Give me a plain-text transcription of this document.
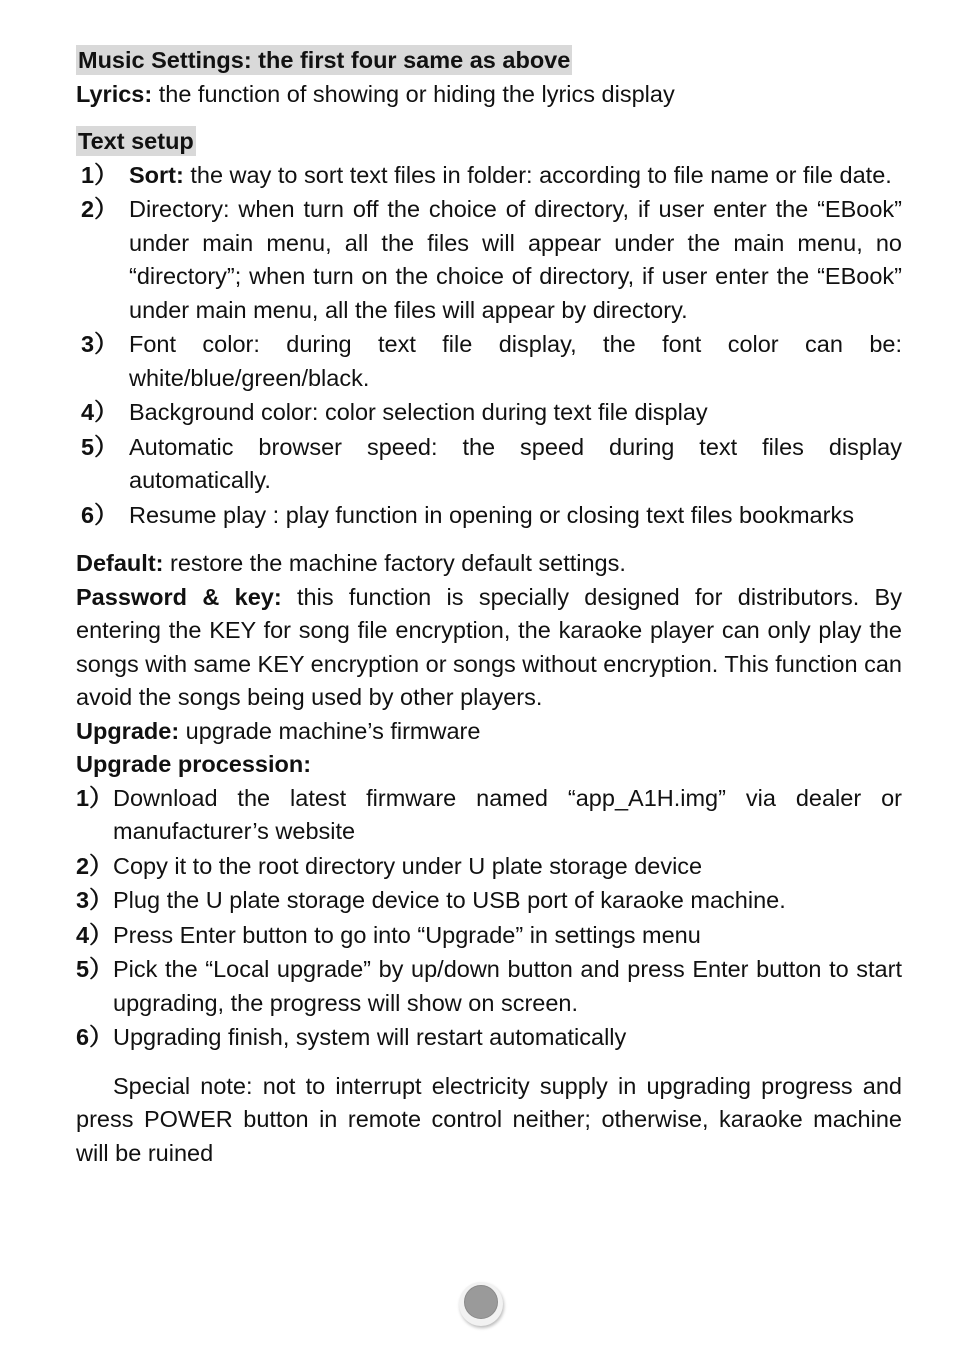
Music Settings: the first four same as above

Lyrics: the function of showing or hiding the lyrics display

Text setup
1） Sort: the way to sort text files in folder: according to file name or file date.
2） Directory: when turn off the choice of directory, if user enter the “EBook” under main menu, all the files will appear under the main menu, no “directory”; when turn on the choice of directory, if user enter the “EBook” under main menu, all the files will appear by directory.
3） Font color: during text file display, the font color can be: white/blue/green/black.
4） Background color: color selection during text file display
5） Automatic browser speed: the speed during text files display automatically.
6） Resume play : play function in opening or closing text files bookmarks

Default: restore the machine factory default settings.

Password & key: this function is specially designed for distributors. By entering the KEY for song file encryption, the karaoke player can only play the songs with same KEY encryption or songs without encryption. This function can avoid the songs being used by other players.

Upgrade: upgrade machine’s firmware

Upgrade procession:

1） Download the latest firmware named “app_A1H.img” via dealer or manufacturer’s website
2） Copy it to the root directory under U plate storage device
3） Plug the U plate storage device to USB port of karaoke machine.
4） Press Enter button to go into “Upgrade” in settings menu
5） Pick the “Local upgrade” by up/down button and press Enter button to start upgrading, the progress will show on screen.
6） Upgrading finish, system will restart automatically

Special note: not to interrupt electricity supply in upgrading progress and press POWER button in remote control neither; otherwise, karaoke machine will be ruined
